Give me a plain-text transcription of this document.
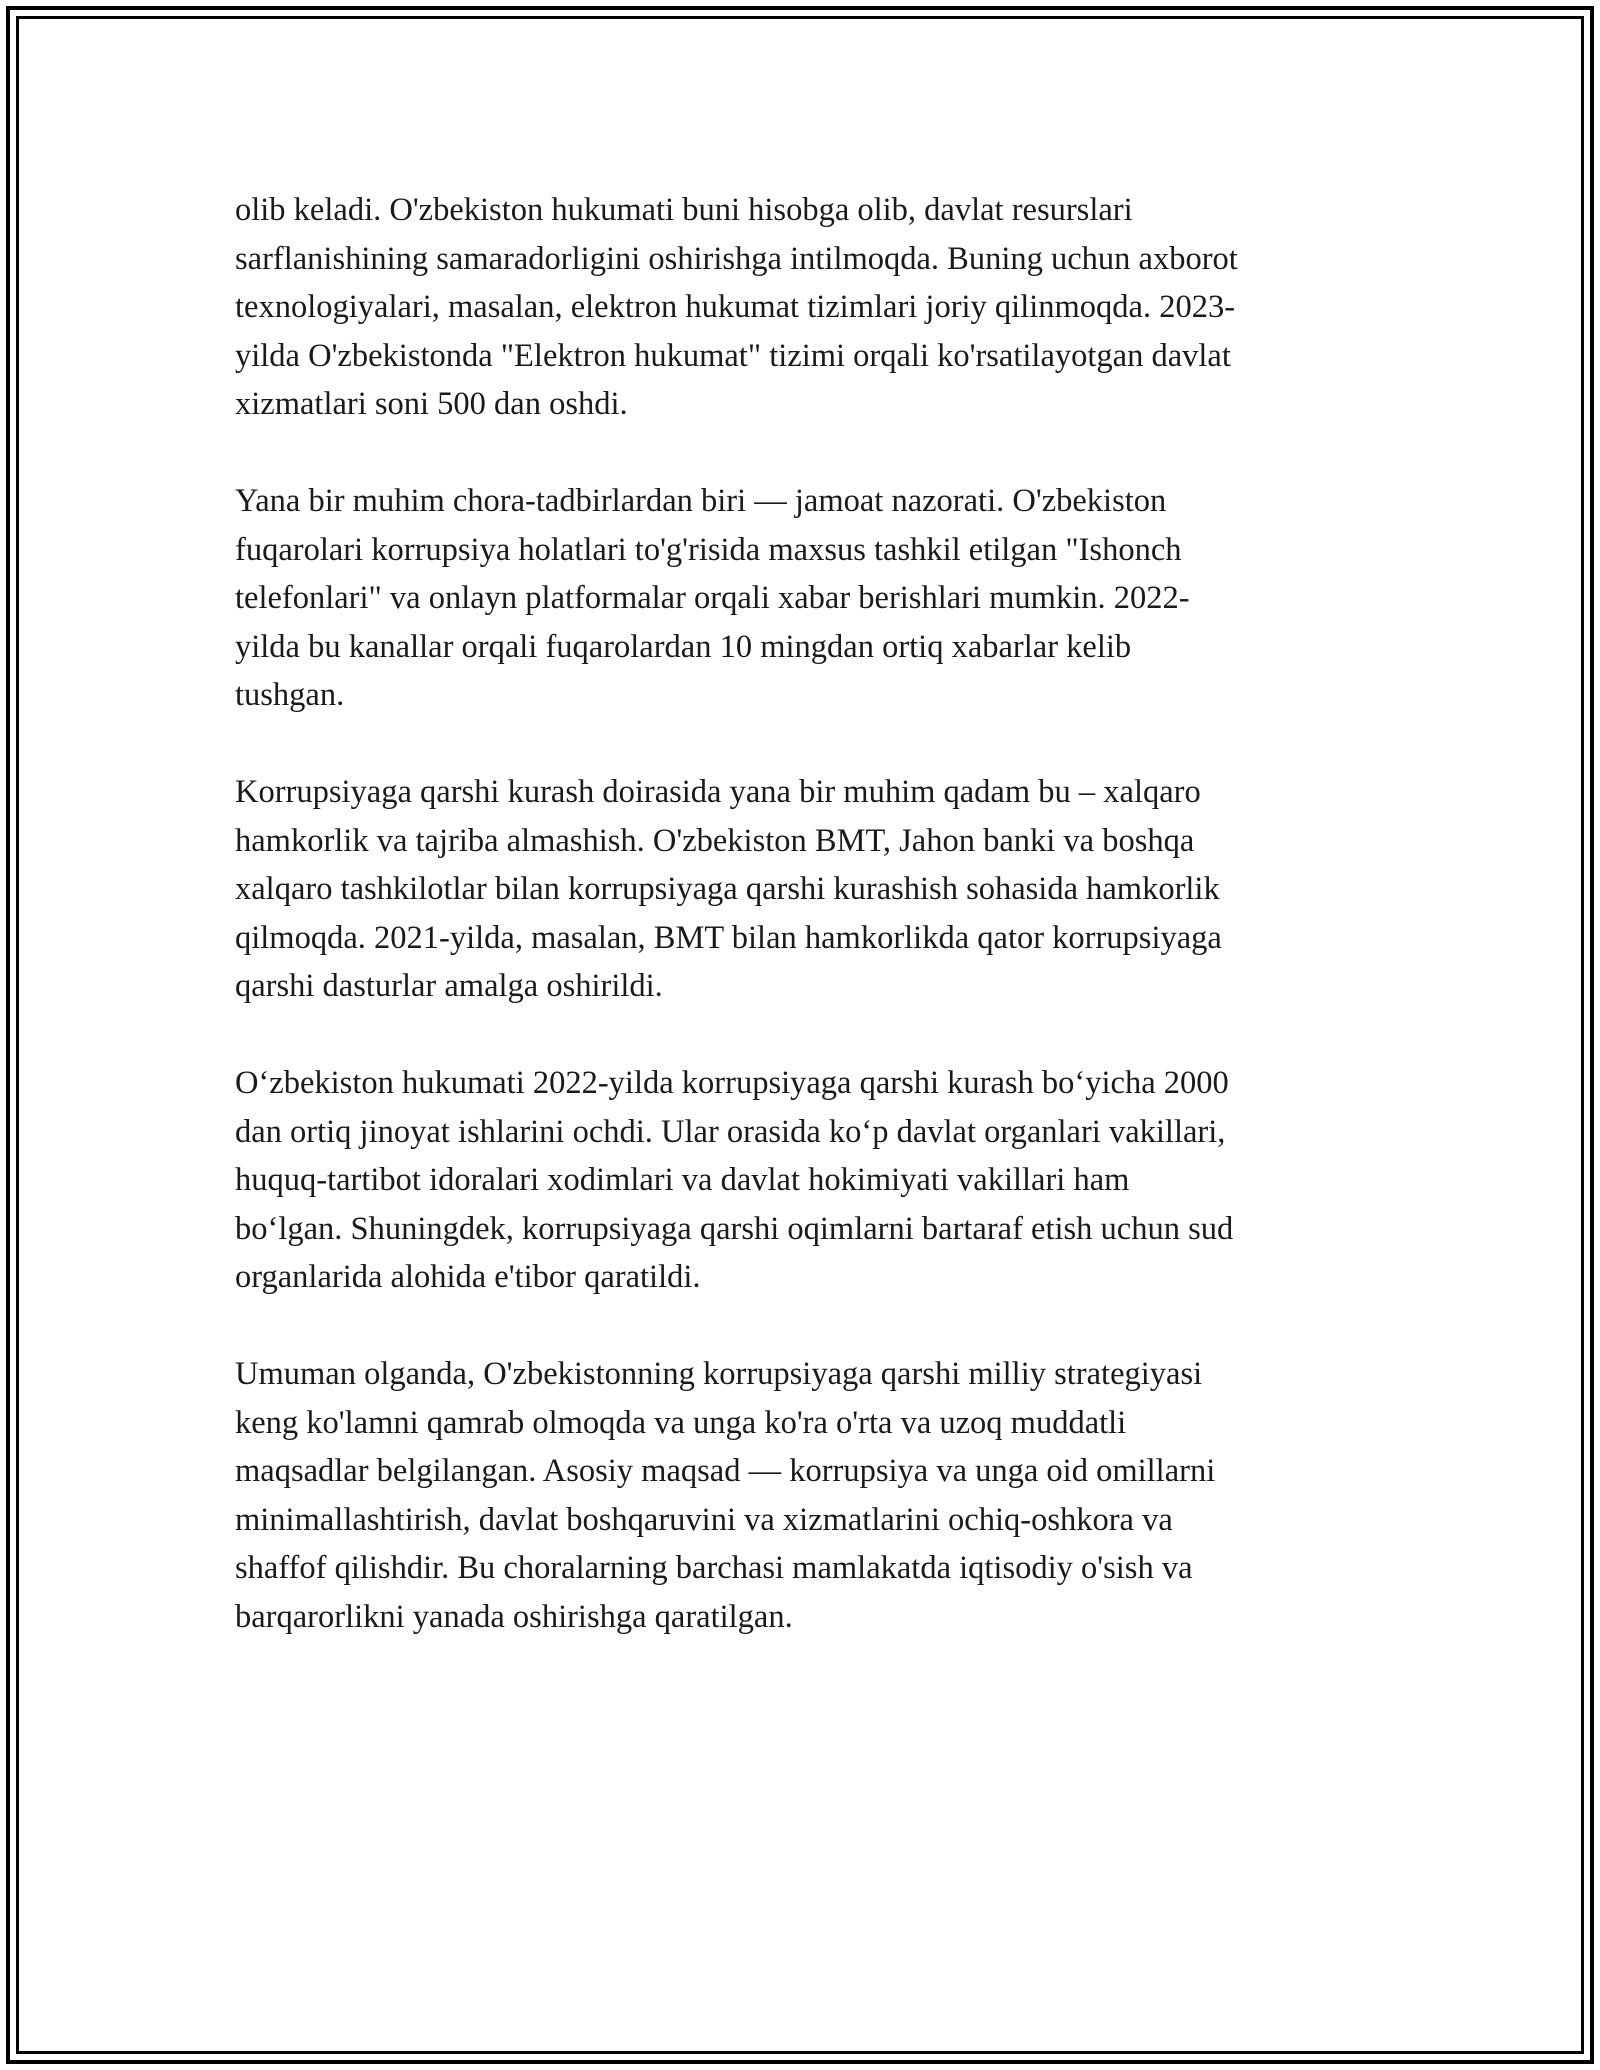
olib keladi. O'zbekiston hukumati buni hisobga olib, davlat resurslari
sarflanishining samaradorligini oshirishga intilmoqda. Buning uchun axborot
texnologiyalari, masalan, elektron hukumat tizimlari joriy qilinmoqda. 2023-
yilda O'zbekistonda "Elektron hukumat" tizimi orqali ko'rsatilayotgan davlat
xizmatlari soni 500 dan oshdi.

Yana bir muhim chora-tadbirlardan biri — jamoat nazorati. O'zbekiston
fuqarolari korrupsiya holatlari to'g'risida maxsus tashkil etilgan "Ishonch
telefonlari" va onlayn platformalar orqali xabar berishlari mumkin. 2022-
yilda bu kanallar orqali fuqarolardan 10 mingdan ortiq xabarlar kelib
tushgan.

Korrupsiyaga qarshi kurash doirasida yana bir muhim qadam bu – xalqaro
hamkorlik va tajriba almashish. O'zbekiston BMT, Jahon banki va boshqa
xalqaro tashkilotlar bilan korrupsiyaga qarshi kurashish sohasida hamkorlik
qilmoqda. 2021-yilda, masalan, BMT bilan hamkorlikda qator korrupsiyaga
qarshi dasturlar amalga oshirildi.

O‘zbekiston hukumati 2022-yilda korrupsiyaga qarshi kurash bo‘yicha 2000
dan ortiq jinoyat ishlarini ochdi. Ular orasida ko‘p davlat organlari vakillari,
huquq-tartibot idoralari xodimlari va davlat hokimiyati vakillari ham
bo‘lgan. Shuningdek, korrupsiyaga qarshi oqimlarni bartaraf etish uchun sud
organlarida alohida e'tibor qaratildi.

Umuman olganda, O'zbekistonning korrupsiyaga qarshi milliy strategiyasi
keng ko'lamni qamrab olmoqda va unga ko'ra o'rta va uzoq muddatli
maqsadlar belgilangan. Asosiy maqsad — korrupsiya va unga oid omillarni
minimallashtirish, davlat boshqaruvini va xizmatlarini ochiq-oshkora va
shaffof qilishdir. Bu choralarning barchasi mamlakatda iqtisodiy o'sish va
barqarorlikni yanada oshirishga qaratilgan.
